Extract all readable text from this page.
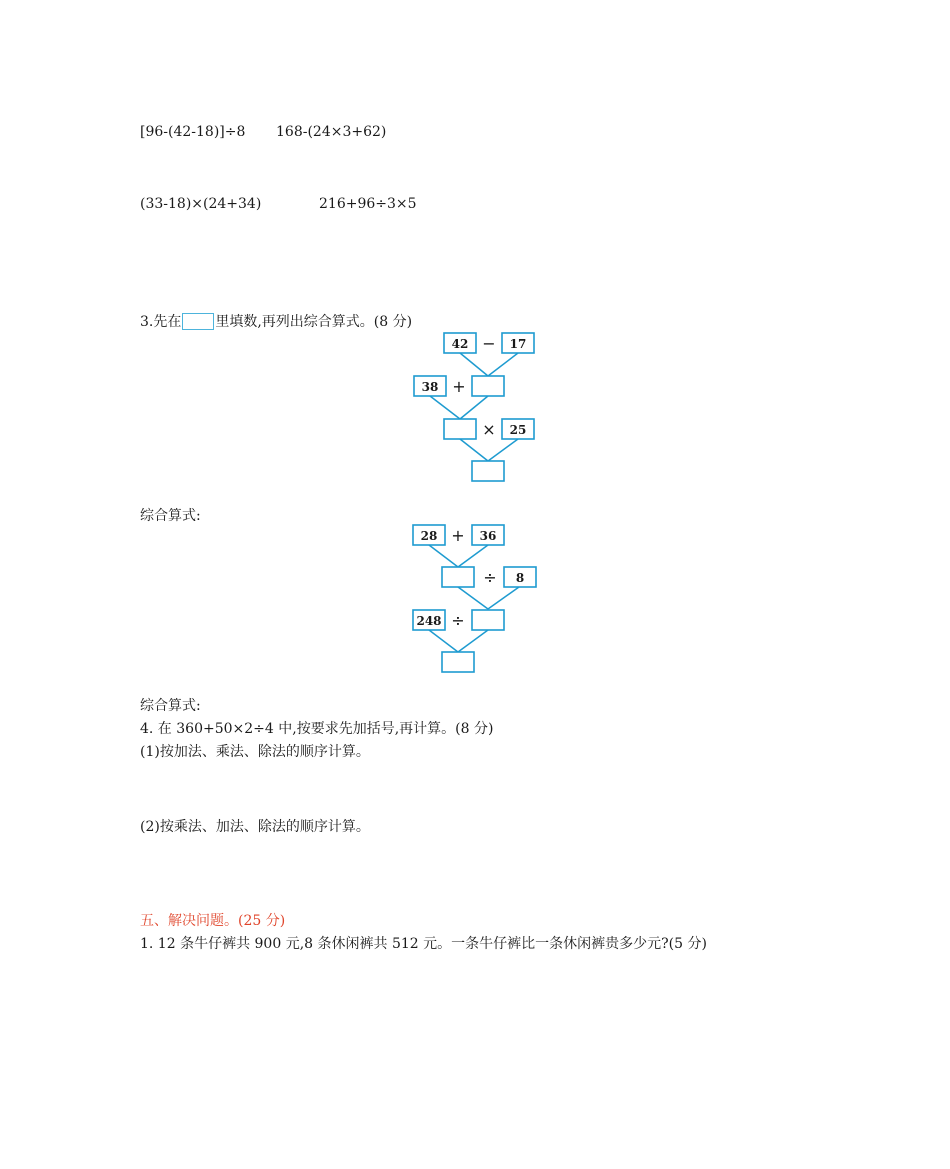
[96-(42-18)]÷8 168-(24×3+62)
(33-18)×(24+34)	216+96÷3×5
3.先在 里填数,再列出综合算式。(8 分)
42 − 17
38 +
× 25
28 + 36
÷ 8
248 ÷
综合算式:
综合算式:
4. 在 360+50×2÷4 中,按要求先加括号,再计算。(8 分)
(1)按加法、乘法、除法的顺序计算。
(2)按乘法、加法、除法的顺序计算。
五、解决问题。(25 分)
1. 12 条牛仔裤共 900 元,8 条休闲裤共 512 元。一条牛仔裤比一条休闲裤贵多少元?(5 分)
